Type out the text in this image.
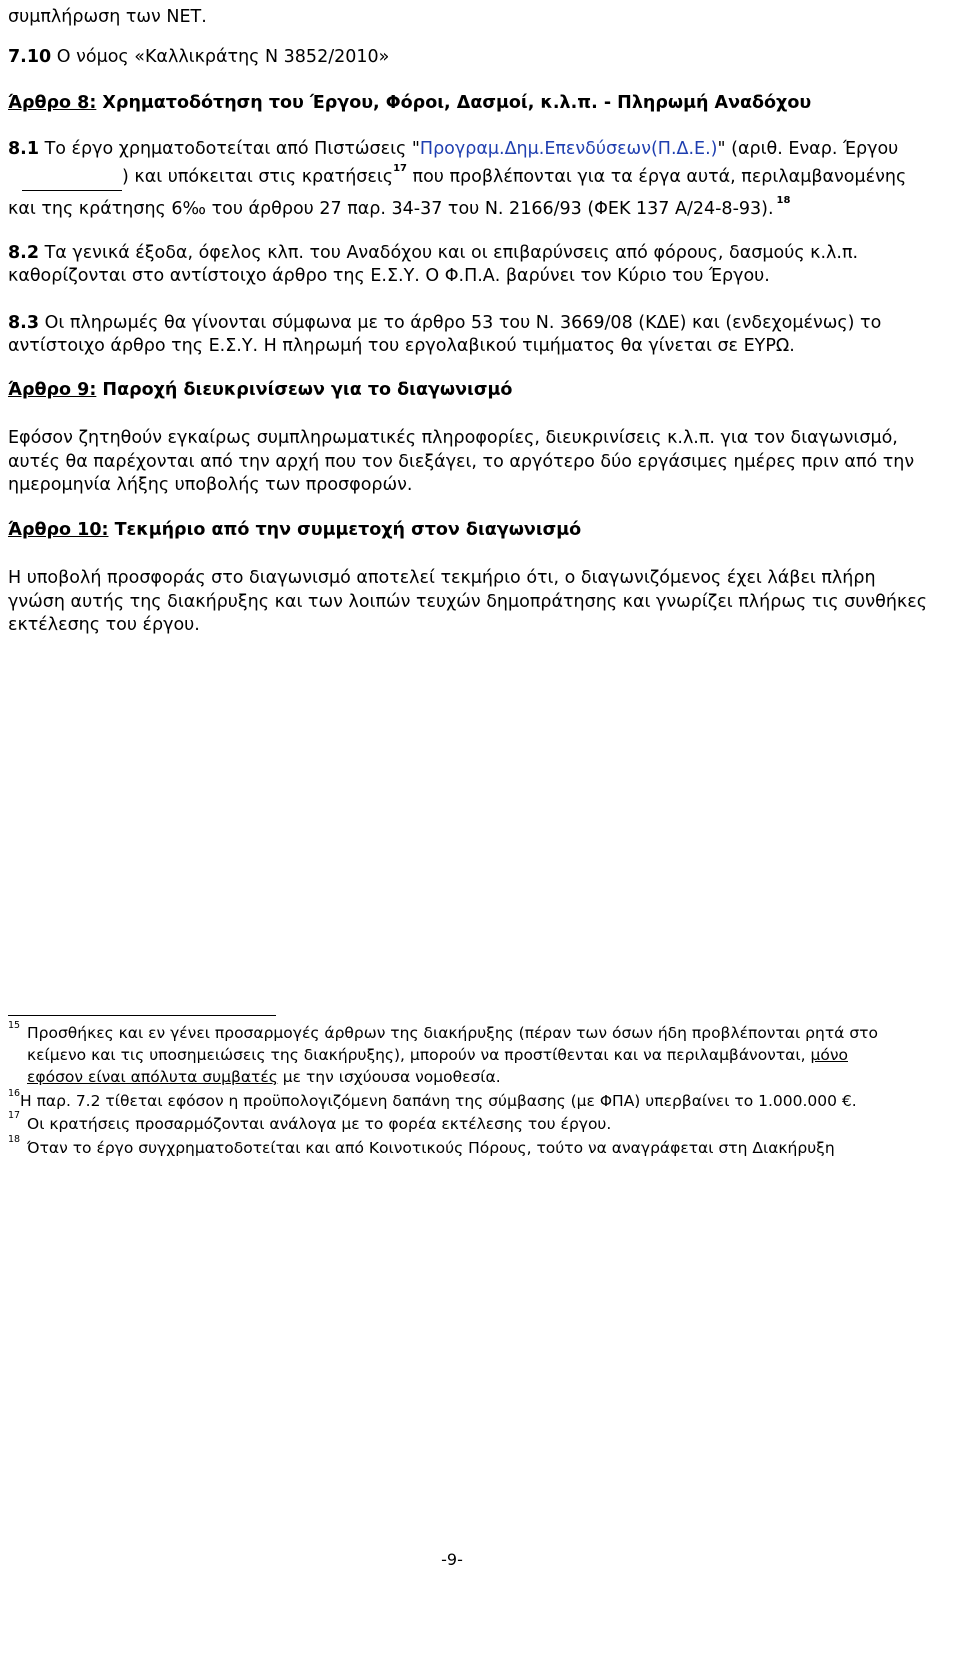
συμπλήρωση των ΝΕΤ.
7.10 Ο νόμος «Καλλικράτης Ν 3852/2010»
Άρθρο 8: Χρηματοδότηση του Έργου, Φόροι, Δασμοί, κ.λ.π. - Πληρωμή Αναδόχου
8.1 Το έργο χρηματοδοτείται από Πιστώσεις "Προγραμ.Δημ.Επενδύσεων(Π.Δ.Ε.)" (αριθ. Εναρ. Έργου
) και υπόκειται στις κρατήσεις$^{17}$ που προβλέπονται για τα έργα αυτά, περιλαμβανομένης
και της κράτησης 6‰ του άρθρου 27 παρ. 34-37 του Ν. 2166/93 (ΦΕΚ 137 Α/24-8-93). $^{18}$
8.2 Τα γενικά έξοδα, όφελος κλπ. του Αναδόχου και οι επιβαρύνσεις από φόρους, δασμούς κ.λ.π.
καθορίζονται στο αντίστοιχο άρθρο της Ε.Σ.Υ. Ο Φ.Π.Α. βαρύνει τον Κύριο του Έργου.
8.3 Οι πληρωμές θα γίνονται σύμφωνα με το άρθρο 53 του Ν. 3669/08 (ΚΔΕ) και (ενδεχομένως) το
αντίστοιχο άρθρο της Ε.Σ.Υ. Η πληρωμή του εργολαβικού τιμήματος θα γίνεται σε ΕΥΡΩ.
Άρθρο 9: Παροχή διευκρινίσεων για το διαγωνισμό
Εφόσον ζητηθούν εγκαίρως συμπληρωματικές πληροφορίες, διευκρινίσεις κ.λ.π. για τον διαγωνισμό,
αυτές θα παρέχονται από την αρχή που τον διεξάγει, το αργότερο δύο εργάσιμες ημέρες πριν από την
ημερομηνία λήξης υποβολής των προσφορών.
Άρθρο 10: Τεκμήριο από την συμμετοχή στον διαγωνισμό
Η υποβολή προσφοράς στο διαγωνισμό αποτελεί τεκμήριο ότι, ο διαγωνιζόμενος έχει λάβει πλήρη
γνώση αυτής της διακήρυξης και των λοιπών τευχών δημοπράτησης και γνωρίζει πλήρως τις συνθήκες
εκτέλεσης του έργου.
15 Προσθήκες και εν γένει προσαρμογές άρθρων της διακήρυξης (πέραν των όσων ήδη προβλέπονται ρητά στο
κείμενο και τις υποσημειώσεις της διακήρυξης), μπορούν να προστίθενται και να περιλαμβάνονται, μόνο
εφόσον είναι απόλυτα συμβατές με την ισχύουσα νομοθεσία.
16 Η παρ. 7.2 τίθεται εφόσον η προϋπολογιζόμενη δαπάνη της σύμβασης (με ΦΠΑ) υπερβαίνει το 1.000.000 €.
17 Οι κρατήσεις προσαρμόζονται ανάλογα με το φορέα εκτέλεσης του έργου.
18 Όταν το έργο συγχρηματοδοτείται και από Κοινοτικούς Πόρους, τούτο να αναγράφεται στη Διακήρυξη
-9-
